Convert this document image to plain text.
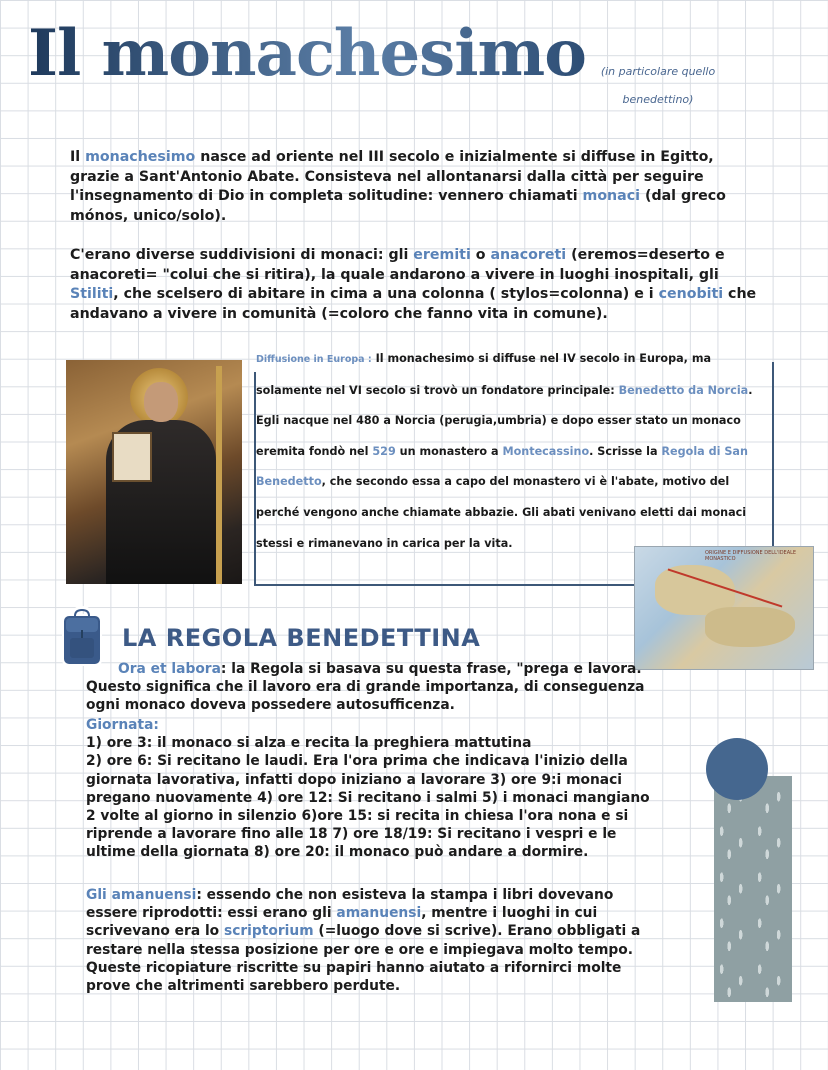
Il monachesimo	(in particolare quello
benedettino)
Il monachesimo nasce ad oriente nel III secolo e inizialmente si diffuse in Egitto, grazie a Sant'Antonio Abate. Consisteva nel allontanarsi dalla città per seguire l'insegnamento di Dio in completa solitudine: vennero chiamati monaci (dal greco mónos, unico/solo).
C'erano diverse suddivisioni di monaci: gli eremiti o anacoreti (eremos=deserto e anacoreti= "colui che si ritira), la quale andarono a vivere in luoghi inospitali, gli Stiliti, che scelsero di abitare in cima a una colonna ( stylos=colonna) e i cenobiti che andavano a vivere in comunità (=coloro che fanno vita in comune).
Diffusione in Europa : Il monachesimo si diffuse nel IV secolo in Europa, ma solamente nel VI secolo si trovò un fondatore principale: Benedetto da Norcia. Egli nacque nel 480 a Norcia (perugia,umbria) e dopo esser stato un monaco eremita fondò nel 529 un monastero a Montecassino. Scrisse la Regola di San Benedetto, che secondo essa a capo del monastero vi è l'abate, motivo del perché vengono anche chiamate abbazie. Gli abati venivano eletti dai monaci stessi e rimanevano in carica per la vita.
ORIGINE E DIFFUSIONE DELL'IDEALE MONASTICO
LA REGOLA BENEDETTINA
Ora et labora: la Regola si basava su questa frase, "prega e lavora. Questo significa che il lavoro era di grande importanza, di conseguenza ogni monaco doveva possedere autosufficenza.
Giornata:
1) ore 3: il monaco si alza e recita la preghiera mattutina
2) ore 6: Si recitano le laudi. Era l'ora prima che indicava l'inizio della giornata lavorativa, infatti dopo iniziano a lavorare 3) ore 9:i monaci pregano nuovamente 4) ore 12: Si recitano i salmi 5) i monaci mangiano 2 volte al giorno in silenzio 6)ore 15: si recita in chiesa l'ora nona e si riprende a lavorare fino alle 18 7) ore 18/19: Si recitano i vespri e le ultime della giornata 8) ore 20: il monaco può andare a dormire.
Gli amanuensi: essendo che non esisteva la stampa i libri dovevano essere riprodotti: essi erano gli amanuensi, mentre i luoghi in cui scrivevano era lo scriptorium (=luogo dove si scrive). Erano obbligati a restare nella stessa posizione per ore e ore e impiegava molto tempo.
Queste ricopiature riscritte su papiri hanno aiutato a rifornirci molte prove che altrimenti sarebbero perdute.
